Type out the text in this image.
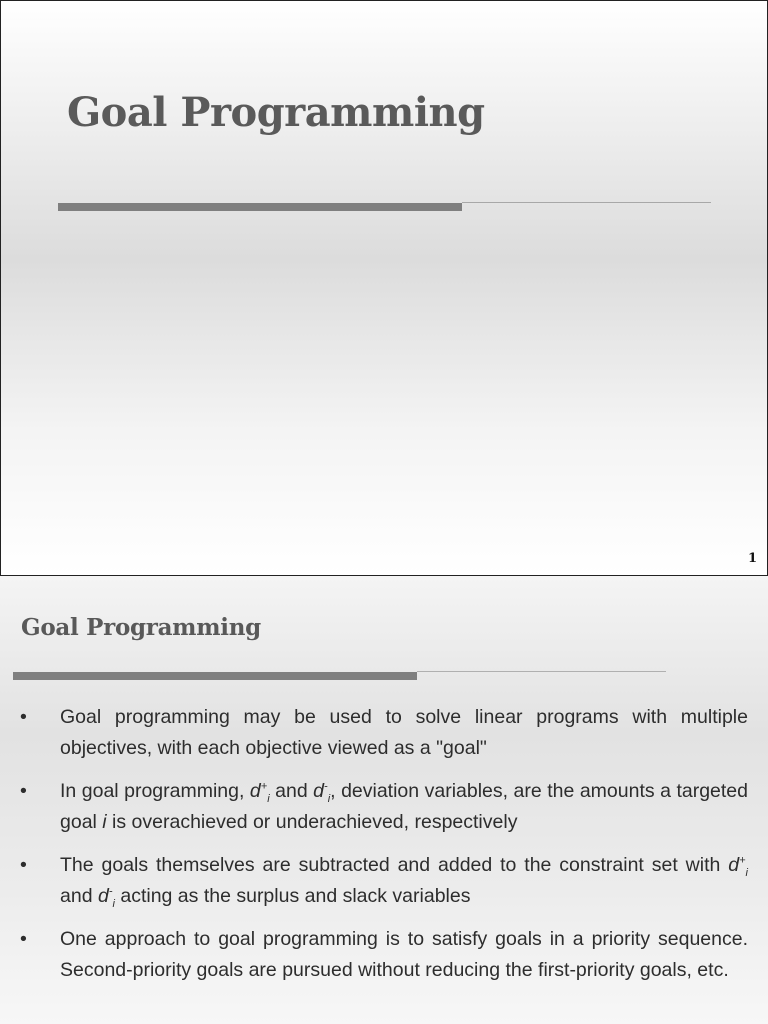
Goal Programming
1
Goal Programming
• Goal programming may be used to solve linear programs with multiple objectives, with each objective viewed as a "goal"
• In goal programming, $d^+_i$ and $d^-_i$, deviation variables, are the amounts a targeted goal i is overachieved or underachieved, respectively
• The goals themselves are subtracted and added to the constraint set with $d^+_i$ and $d^-_i$ acting as the surplus and slack variables
• One approach to goal programming is to satisfy goals in a priority sequence. Second-priority goals are pursued without reducing the first-priority goals, etc.
